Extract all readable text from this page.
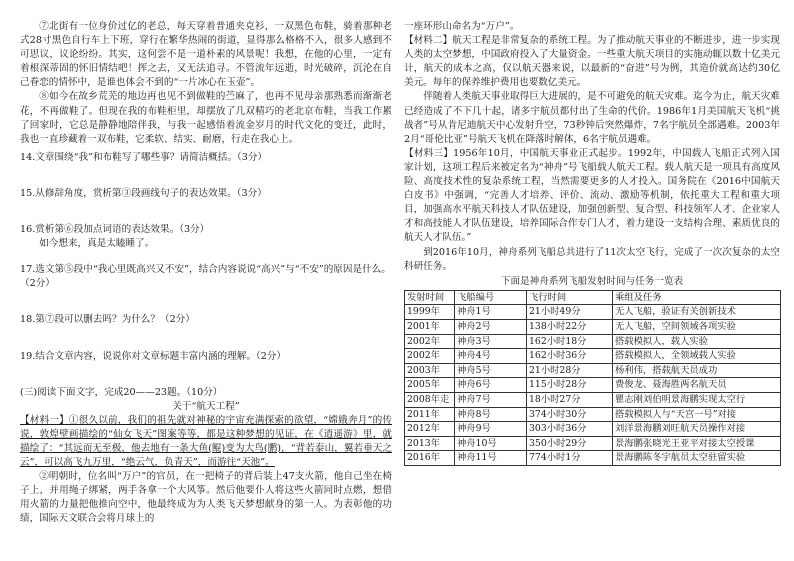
⑦北街有一位身价过亿的老总，每天穿着普通夹克衫，一双黑色布鞋，骑着那种老式28寸黑色自行车上下班，穿行在繁华热闹的街道，显得那么格格不入，很多人感到不可思议，议论纷纷。其实，这何尝不是一道朴素的风景呢！我想，在他的心里，一定有着根深蒂固的怀旧情结吧！挥之去，又无法追寻。不管流年远逝，时光破碎，沉沦在自己眷恋的情怀中，是谁也体会不到的“一片冰心在玉壶”。

⑧如今在故乡荒芜的地边再也见不到做鞋的苎麻了，也再不见母亲那熟悉而渐渐老花，不再做鞋了。但现在我的布鞋柜里，却摆放了几双精巧的老北京布鞋，当我工作累了回家时，它总是静静地陪伴我，与我一起感悟着流金岁月的时代文化的变迁，此时，我也一直珍藏着一双布鞋，它柔软、结实、耐磨，行走在我心上。

14.文章围绕“我”和布鞋写了哪些事？请简洁概括。（3分）

15.从修辞角度，赏析第③段画线句子的表达效果。（3分）

16.赏析第⑥段加点词语的表达效果。（3分）

如今想来，真是太瞌睡了。

17.选文第⑤段中“我心里既高兴又不安”，结合内容说说“高兴”与“不安”的原因是什么。（2分）

18.第⑦段可以删去吗？为什么？（2分）

19.结合文章内容，说说你对文章标题丰富内涵的理解。（2分）

(三)阅读下面文字，完成20——23题。（10分）

关于“航天工程”

【材料一】①很久以前，我们的祖先就对神秘的宇宙充满探索的欲望，“嫦娥奔月”的传说，敦煌壁画描绘的“仙女飞天”图案等等，都是这种梦想的见证，在《逍遥游》里，就描绘了：“其远而无至极，他去地有一条大鱼(鲲)变为大鸟(鹏)，“背若泰山，翼若垂天之云”，可以高飞九万里，“绝云气，负青天”，而游往“天池”。

②明朝时，位名叫“万户”的官员，在一把椅子的背后装上47支火箭，他自己坐在椅子上，并用绳子绑紧，两手各拿一个大风筝。然后他要仆人将这些火箭同时点燃，想借用火箭的力量把他推向空中，他最终成为为人类飞天梦想献身的第一人。为表彰他的功绩，国际天文联合会将月球上的

一座环形山命名为“万户”。

【材料二】航天工程是非常复杂的系统工程。为了推动航天事业的不断进步，进一步实现人类的太空梦想，中国政府投入了大量资金。一些重大航天项目的实施动辄以数十亿美元计，航天的成本之高，仅以航天器来说，以最新的“奋进”号为例，其造价就高达约30亿美元。每年的保养维护费用也要数亿美元。

伴随着人类航天事业取得巨大进展的，是不可避免的航天灾难。迄今为止，航天灾难已经造成了不下几十起，诸多宇航员都付出了生命的代价。1986年1月美国航天飞机“挑战者”号从肯尼迪航天中心发射升空，73秒钟后突然爆炸，7名宇航员全部遇难。2003年2月“哥伦比亚”号航天飞机在降落时解体，6名宇航员遇难。

【材料三】1956年10月，中国航天事业正式起步。1992年，中国载人飞船正式列入国家计划，这项工程后来被定名为“神舟”号飞船载人航天工程。载人航天是一项具有高度风险、高度技术性的复杂系统工程，当然需要更多的人才投入。国务院在《2016中国航天白皮书》中强调，“完善人才培养、评价、流动、激励等机制，依托重大工程和重大项目，加强高水平航天科技人才队伍建设，加强创新型、复合型、科技领军人才、企业家人才和高技能人才队伍建设，培养国际合作专门人才，着力建设一支结构合理、素质优良的航天人才队伍。”

到2016年10月，神舟系列飞船总共进行了11次太空飞行，完成了一次次复杂的太空科研任务。

下面是神舟系列飞船发射时间与任务一览表

发射时间	飞船编号	飞行时间	乘组及任务
1999年	神舟1号	21小时49分	无人飞船，验证有关创新技术
2001年	神舟2号	138小时22分	无人飞船，空间领域各项实验
2002年	神舟3号	162小时18分	搭载模拟人，载人实验
2002年	神舟4号	162小时36分	搭载模拟人，全领域载人实验
2003年	神舟5号	21小时28分	杨利伟，搭载航天员成功
2005年	神舟6号	115小时28分	费俊龙、聂海胜两名航天员
2008年走	神舟7号	18小时27分	瞿志刚刘伯明景海鹏实现太空行
2011年	神舟8号	374小时30分	搭载模拟人与“天宫一号”对接
2012年	神舟9号	303小时36分	刘洋景海鹏刘旺航天员操作对接
2013年	神舟10号	350小时29分	景海鹏张晓光王亚平对接太空授课
2016年	神舟11号	774小时1分	景海鹏陈冬宇航员太空驻留实验
